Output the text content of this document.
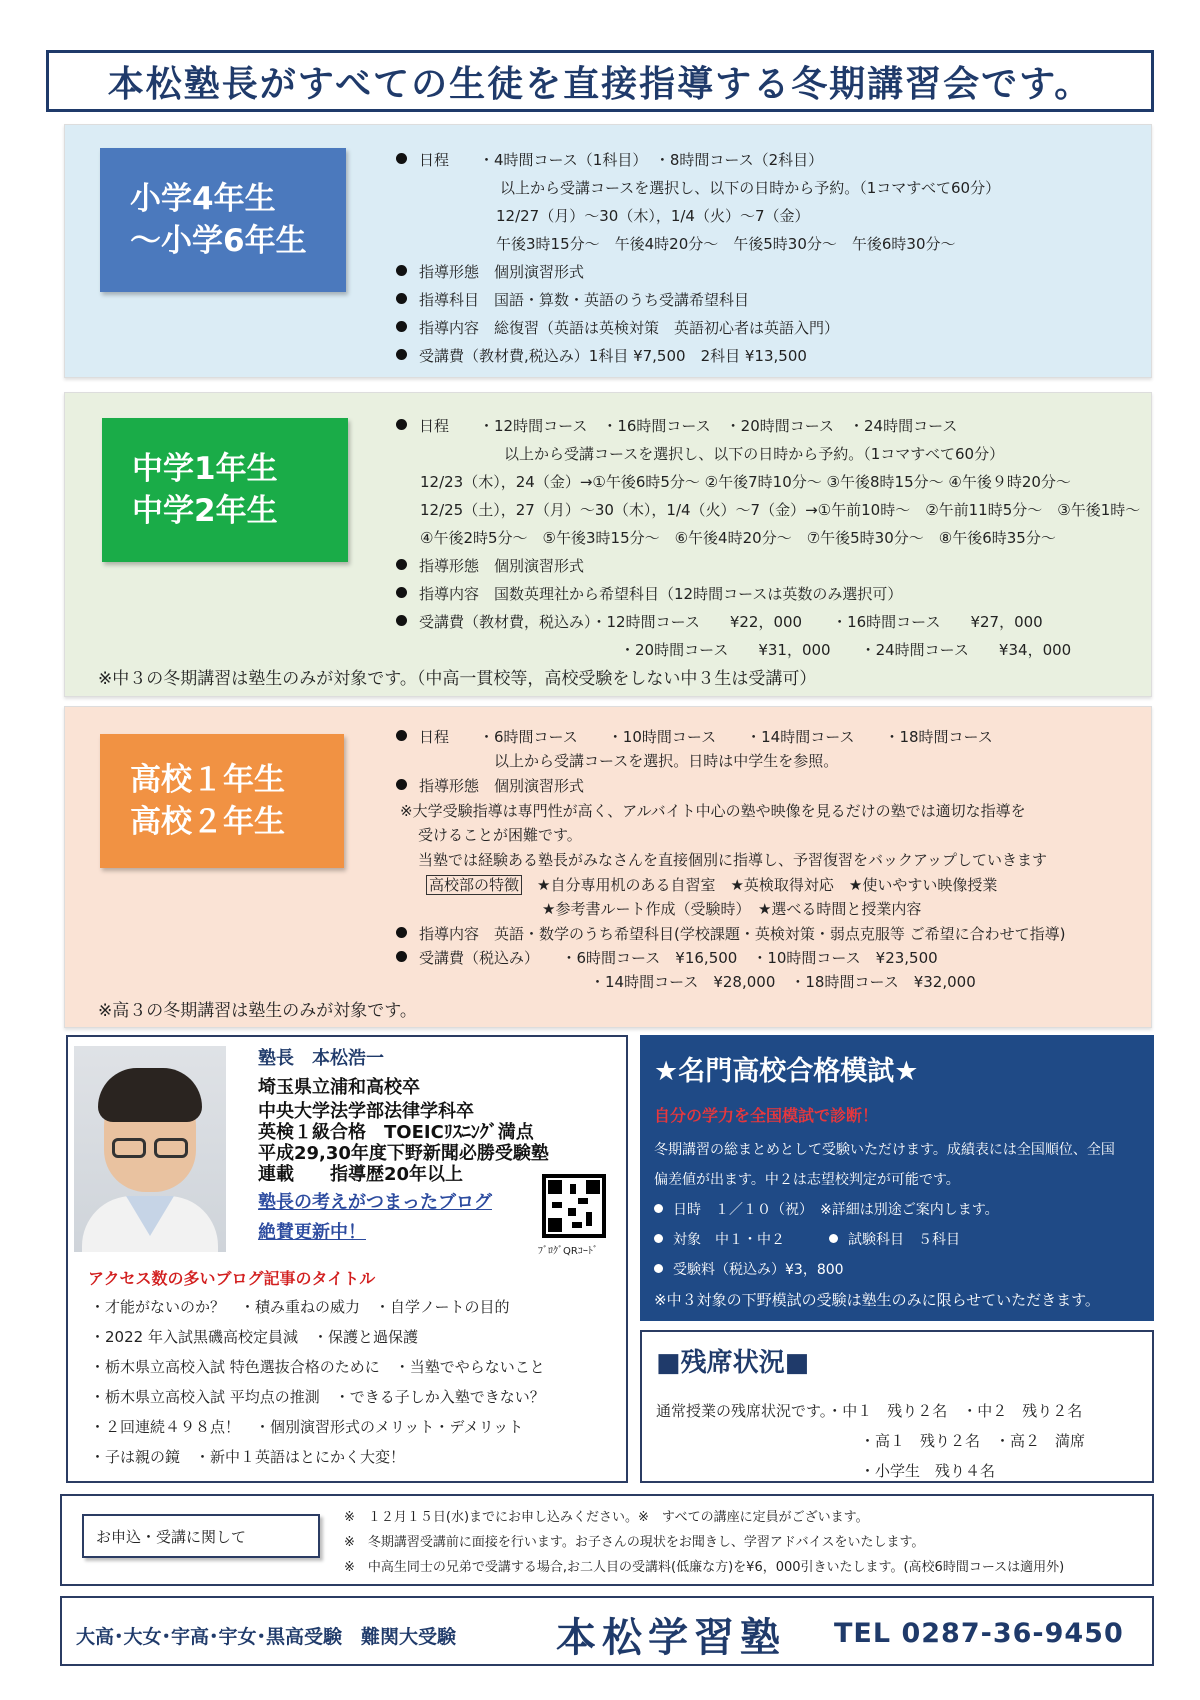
本松塾長がすべての生徒を直接指導する冬期講習会です。
小学4年生
～小学6年生
日程　　・4時間コース（1科目）　・8時間コース（2科目）
以上から受講コースを選択し、以下の日時から予約。（1コマすべて60分）
12/27（月）～30（木），1/4（火）～7（金）
午後3時15分～　午後4時20分～　午後5時30分～　午後6時30分～
指導形態　個別演習形式
指導科目　国語・算数・英語のうち受講希望科目
指導内容　総復習（英語は英検対策　英語初心者は英語入門）
受講費（教材費,税込み）1科目 ¥7,500　2科目 ¥13,500
中学1年生
中学2年生
日程　　・12時間コース　・16時間コース　・20時間コース　・24時間コース
以上から受講コースを選択し、以下の日時から予約。（1コマすべて60分）
12/23（木），24（金）→①午後6時5分～ ②午後7時10分～ ③午後8時15分～ ④午後９時20分～
12/25（土），27（月）～30（木），1/4（火）～7（金）→①午前10時～　②午前11時5分～　③午後1時～
④午後2時5分～　⑤午後3時15分～　⑥午後4時20分～　⑦午後5時30分～　⑧午後6時35分～
指導形態　個別演習形式
指導内容　国数英理社から希望科目（12時間コースは英数のみ選択可）
受講費（教材費，税込み）・12時間コース　　¥22，000　　・16時間コース　　¥27，000
・20時間コース　　¥31，000　　・24時間コース　　¥34，000
※中３の冬期講習は塾生のみが対象です。（中高一貫校等，高校受験をしない中３生は受講可）
高校１年生
高校２年生
日程　　・6時間コース　　・10時間コース　　・14時間コース　　・18時間コース
以上から受講コースを選択。日時は中学生を参照。
指導形態　個別演習形式
※大学受験指導は専門性が高く、アルバイト中心の塾や映像を見るだけの塾では適切な指導を
受けることが困難です。
当塾では経験ある塾長がみなさんを直接個別に指導し、予習復習をバックアップしていきます
高校部の特徴　 ★自分専用机のある自習室　★英検取得対応　★使いやすい映像授業
★参考書ルート作成（受験時）　★選べる時間と授業内容
指導内容　英語・数学のうち希望科目(学校課題・英検対策・弱点克服等 ご希望に合わせて指導)
受講費（税込み）　　・6時間コース　¥16,500　・10時間コース　¥23,500
・14時間コース　¥28,000　・18時間コース　¥32,000
※高３の冬期講習は塾生のみが対象です。
塾長　本松浩一
埼玉県立浦和高校卒
中央大学法学部法律学科卒
英検１級合格　TOEICﾘｽﾆﾝｸﾞ満点
平成29,30年度下野新聞必勝受験塾
連載　　指導歴20年以上
塾長の考えがつまったブログ
絶賛更新中！
ﾌﾞﾛｸﾞQRｺｰﾄﾞ
アクセス数の多いブログ記事のタイトル
・才能がないのか？　・積み重ねの威力　・自学ノートの目的
・2022 年入試黒磯高校定員減　・保護と過保護
・栃木県立高校入試 特色選抜合格のために　・当塾でやらないこと
・栃木県立高校入試 平均点の推測　・できる子しか入塾できない？
・２回連続４９８点！　・個別演習形式のメリット・デメリット
・子は親の鏡　・新中１英語はとにかく大変！
★名門高校合格模試★
自分の学力を全国模試で診断！
冬期講習の総まとめとして受験いただけます。成績表には全国順位、全国
偏差値が出ます。中２は志望校判定が可能です。
日時　１／１０（祝）　※詳細は別途ご案内します。
対象　中１・中２	試験科目　５科目
受験料（税込み）¥3，800
※中３対象の下野模試の受験は塾生のみに限らせていただきます。
■残席状況■
通常授業の残席状況です。・中１　残り２名　・中２　残り２名
・高１　残り２名　・高２　満席
・小学生　残り４名
お申込・受講に関して
※　１２月１５日(水)までにお申し込みください。※　すべての講座に定員がございます。
※　冬期講習受講前に面接を行います。お子さんの現状をお聞きし、学習アドバイスをいたします。
※　中高生同士の兄弟で受講する場合,お二人目の受講料(低廉な方)を¥6，000引きいたします。(高校6時間コースは適用外)
大高･大女･宇高･宇女･黒高受験　難関大受験 本松学習塾 TEL 0287-36-9450
